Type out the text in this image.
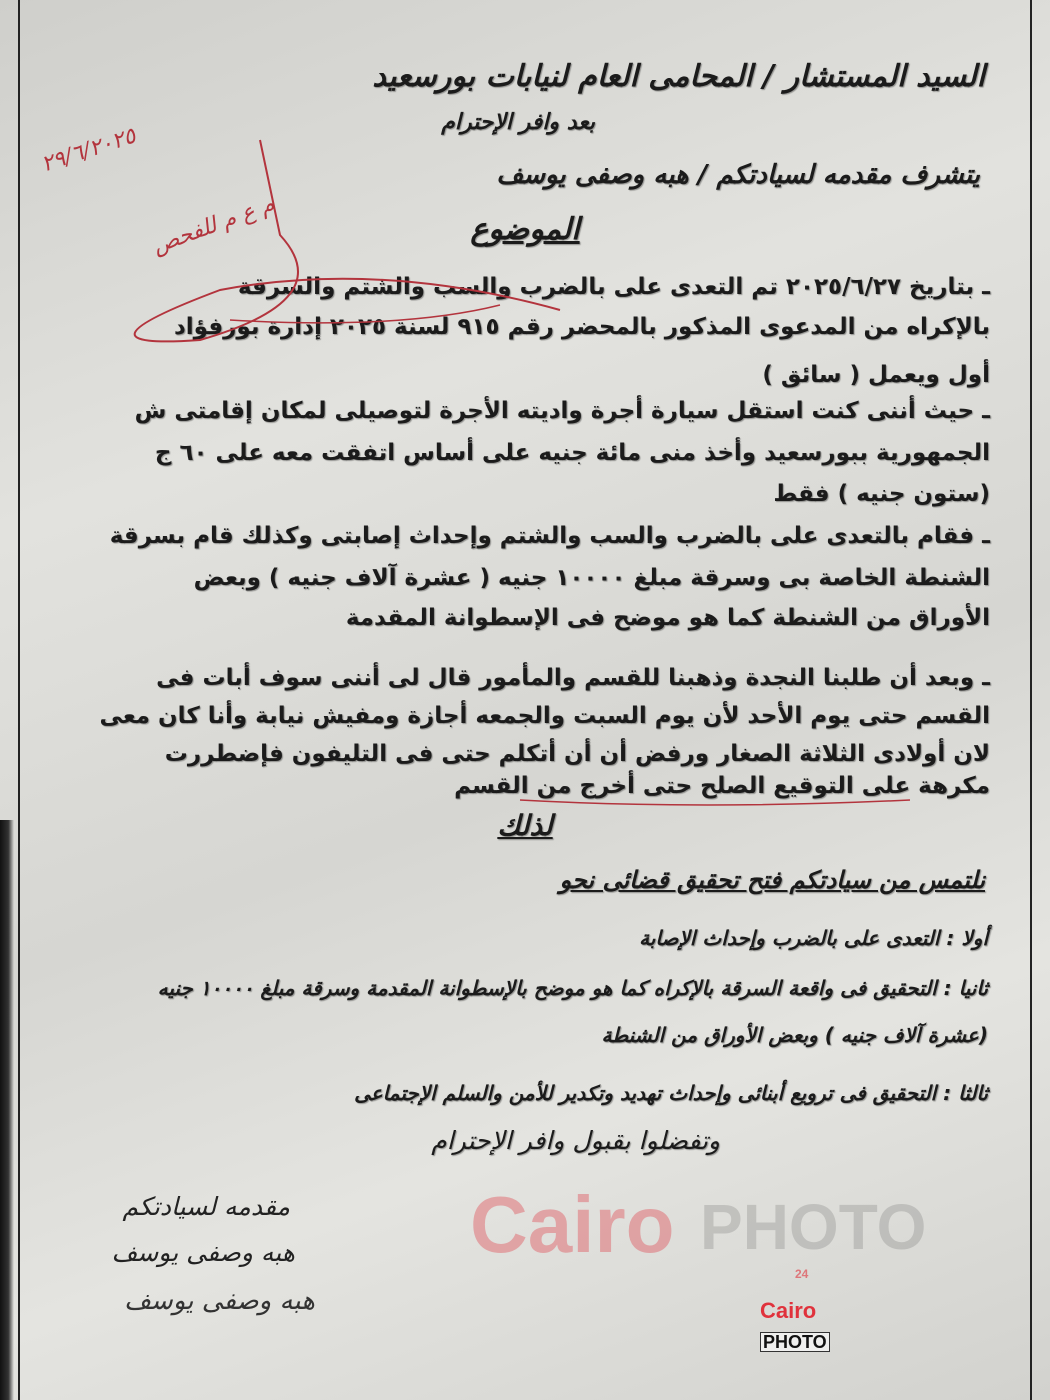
السيد المستشار / المحامى العام لنيابات بورسعيد
بعد وافر الإحترام
يتشرف مقدمه لسيادتكم / هبه وصفى يوسف
الموضوع
ـ بتاريخ ٢٠٢٥/٦/٢٧ تم التعدى على بالضرب والسب والشتم والسرقة
بالإكراه من المدعوى المذكور بالمحضر رقم ٩١٥ لسنة ٢٠٢٥ إدارة بورفؤاد
أول ويعمل ( سائق )
ـ حيث أننى كنت استقل سيارة أجرة واديته الأجرة لتوصيلى لمكان إقامتى ش
الجمهورية ببورسعيد وأخذ منى مائة جنيه على أساس اتفقت معه على ٦٠ ج
(ستون جنيه ) فقط
ـ فقام بالتعدى على بالضرب والسب والشتم وإحداث إصابتى وكذلك قام بسرقة
الشنطة الخاصة بى وسرقة مبلغ ١٠٠٠٠ جنيه ( عشرة آلاف جنيه ) وبعض
الأوراق من الشنطة كما هو موضح فى الإسطوانة المقدمة
ـ وبعد أن طلبنا النجدة وذهبنا للقسم والمأمور قال لى أننى سوف أبات فى
القسم حتى يوم الأحد لأن يوم السبت والجمعه أجازة ومفيش نيابة وأنا كان معى
لان أولادى الثلاثة الصغار ورفض أن أن أتكلم حتى فى التليفون فإضطررت
مكرهة على التوقيع الصلح حتى أخرج من القسم
لذلك
نلتمس من سيادتكم فتح تحقيق قضائى نحو
أولا : التعدى على بالضرب وإحداث الإصابة
ثانيا : التحقيق فى واقعة السرقة بالإكراه كما هو موضح بالإسطوانة المقدمة وسرقة مبلغ ١٠٠٠٠ جنيه
(عشرة آلاف جنيه ) وبعض الأوراق من الشنطة
ثالثا : التحقيق فى ترويع أبنائى وإحداث تهديد وتكدير للأمن والسلم الإجتماعى
وتفضلوا بقبول وافر الإحترام
مقدمه لسيادتكم
هبه وصفى يوسف
هبه وصفى يوسف
٢٩/٦/٢٠٢٥
م ع م للفحص
Cairo PHOTO
24
Cairo
PHOTO
